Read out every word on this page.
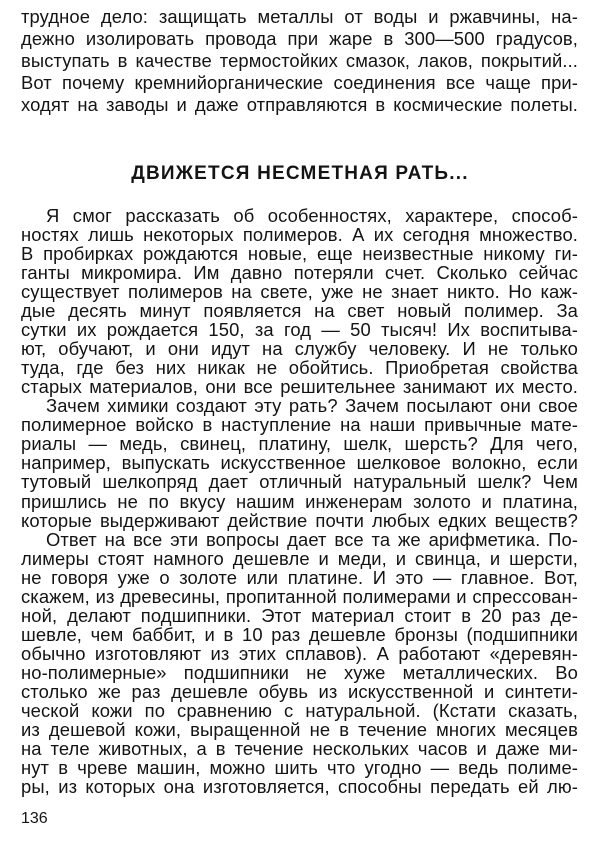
трудное дело: защищать металлы от воды и ржавчины, на-
дежно изолировать провода при жаре в 300—500 градусов,
выступать в качестве термостойких смазок, лаков, покрытий...
Вот почему кремнийорганические соединения все чаще при-
ходят на заводы и даже отправляются в космические полеты.
ДВИЖЕТСЯ НЕСМЕТНАЯ РАТЬ...
Я смог рассказать об особенностях, характере, способ-
ностях лишь некоторых полимеров. А их сегодня множество.
В пробирках рождаются новые, еще неизвестные никому ги-
ганты микромира. Им давно потеряли счет. Сколько сейчас
существует полимеров на свете, уже не знает никто. Но каж-
дые десять минут появляется на свет новый полимер. За
сутки их рождается 150, за год — 50 тысяч! Их воспитыва-
ют, обучают, и они идут на службу человеку. И не только
туда, где без них никак не обойтись. Приобретая свойства
старых материалов, они все решительнее занимают их место.
Зачем химики создают эту рать? Зачем посылают они свое
полимерное войско в наступление на наши привычные мате-
риалы — медь, свинец, платину, шелк, шерсть? Для чего,
например, выпускать искусственное шелковое волокно, если
тутовый шелкопряд дает отличный натуральный шелк? Чем
пришлись не по вкусу нашим инженерам золото и платина,
которые выдерживают действие почти любых едких веществ?
Ответ на все эти вопросы дает все та же арифметика. По-
лимеры стоят намного дешевле и меди, и свинца, и шерсти,
не говоря уже о золоте или платине. И это — главное. Вот,
скажем, из древесины, пропитанной полимерами и спрессован-
ной, делают подшипники. Этот материал стоит в 20 раз де-
шевле, чем баббит, и в 10 раз дешевле бронзы (подшипники
обычно изготовляют из этих сплавов). А работают «деревян-
но-полимерные» подшипники не хуже металлических. Во
столько же раз дешевле обувь из искусственной и синтети-
ческой кожи по сравнению с натуральной. (Кстати сказать,
из дешевой кожи, выращенной не в течение многих месяцев
на теле животных, а в течение нескольких часов и даже ми-
нут в чреве машин, можно шить что угодно — ведь полиме-
ры, из которых она изготовляется, способны передать ей лю-
136
